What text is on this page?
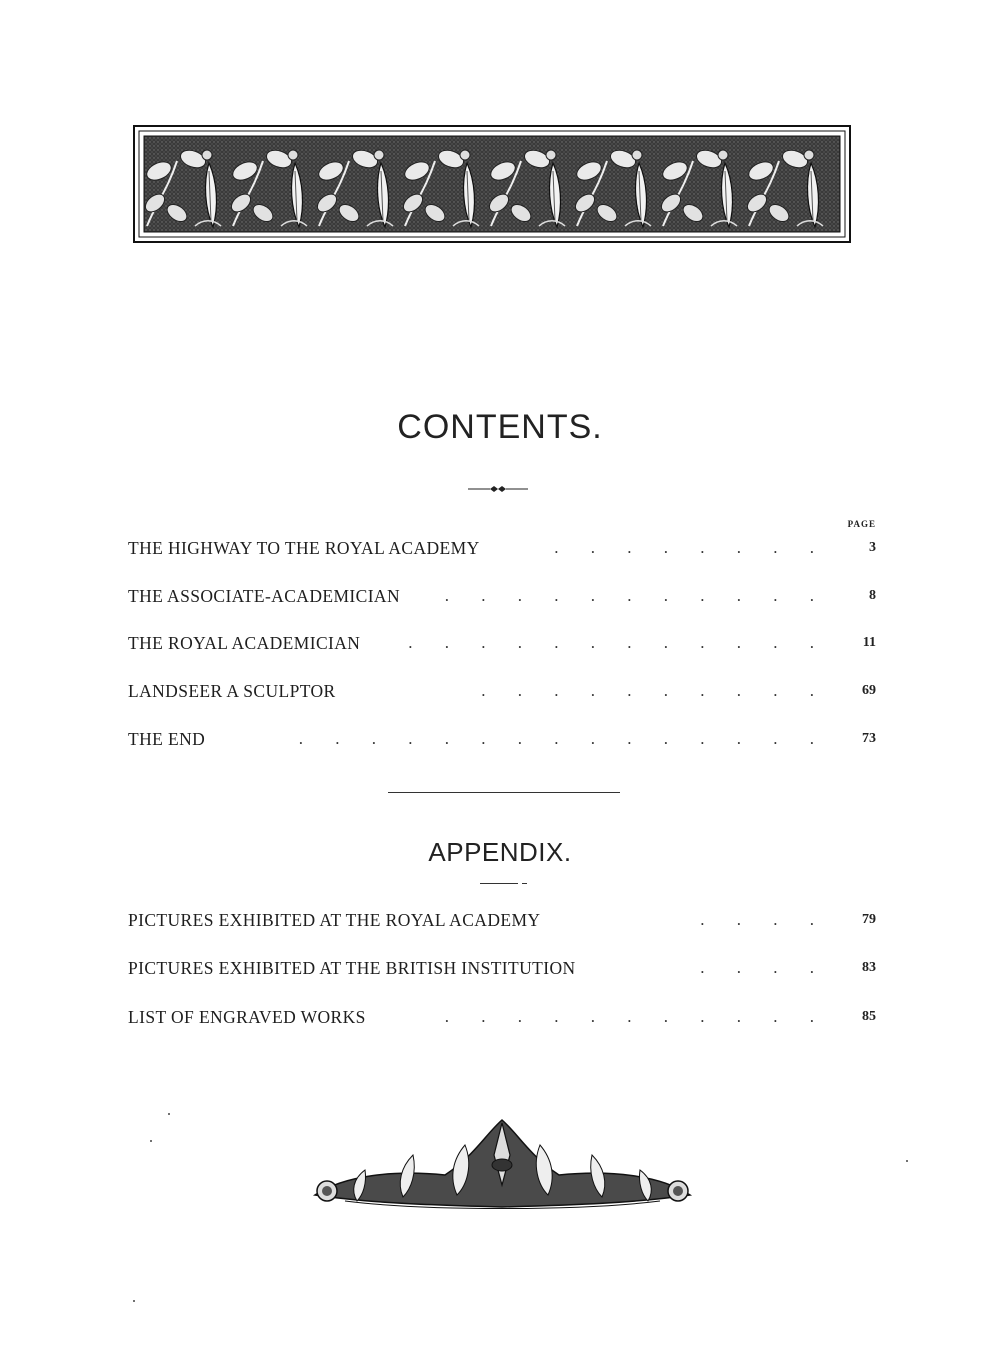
CONTENTS.
PAGE
THE HIGHWAY TO THE ROYAL ACADEMY	. . . . . . . .	3
THE ASSOCIATE-ACADEMICIAN	. . . . . . . . . . .	8
THE ROYAL ACADEMICIAN	. . . . . . . . . . . .	11
LANDSEER A SCULPTOR	. . . . . . . . . .	69
THE END	. . . . . . . . . . . . . . .	73
APPENDIX.
PICTURES EXHIBITED AT THE ROYAL ACADEMY	. . . .	79
PICTURES EXHIBITED AT THE BRITISH INSTITUTION	. . . .	83
LIST OF ENGRAVED WORKS	. . . . . . . . . . .	85
